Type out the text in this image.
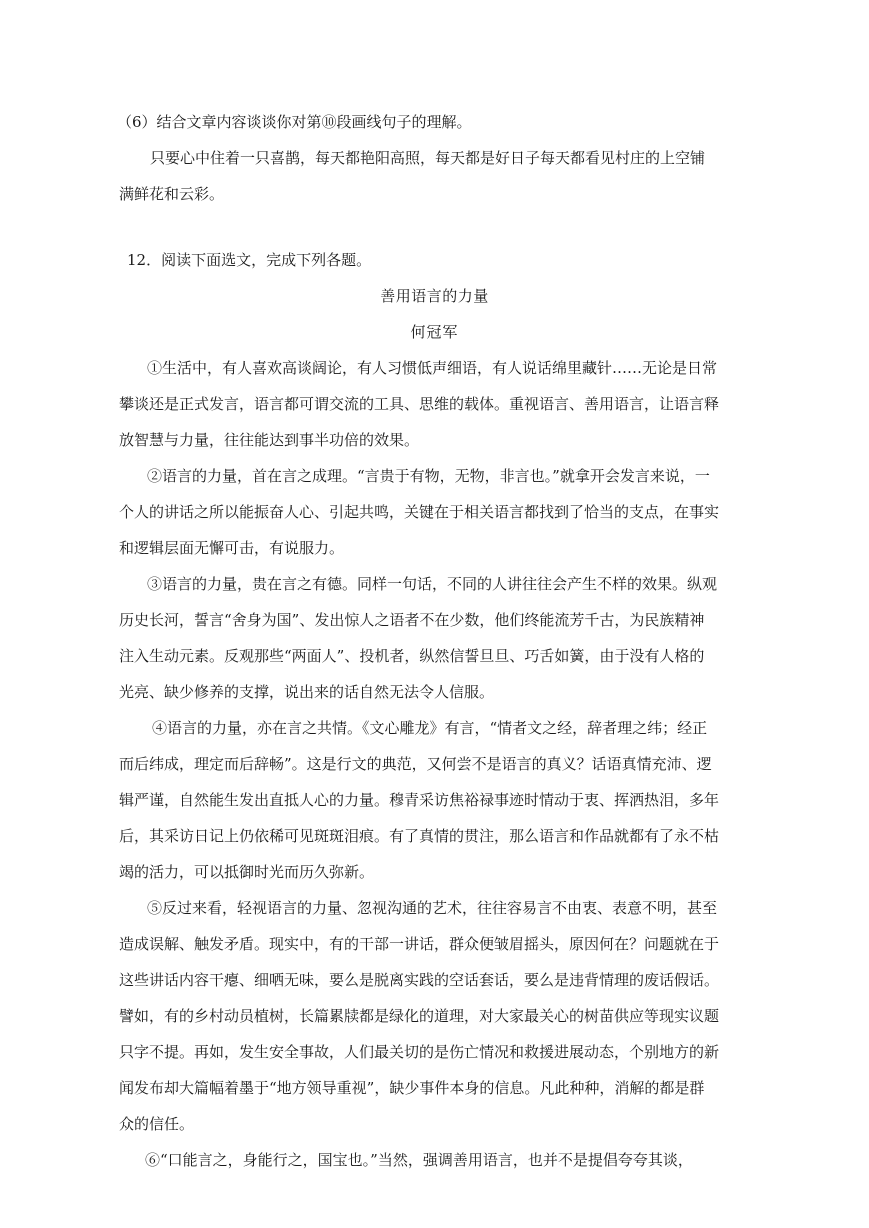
（6）结合文章内容谈谈你对第⑩段画线句子的理解。

只要心中住着一只喜鹊，每天都艳阳高照，每天都是好日子每天都看见村庄的上空铺

满鲜花和云彩。

12．阅读下面选文，完成下列各题。

善用语言的力量

何冠军

①生活中，有人喜欢高谈阔论，有人习惯低声细语，有人说话绵里藏针……无论是日常

攀谈还是正式发言，语言都可谓交流的工具、思维的载体。重视语言、善用语言，让语言释

放智慧与力量，往往能达到事半功倍的效果。

②语言的力量，首在言之成理。“言贵于有物，无物，非言也。”就拿开会发言来说，一

个人的讲话之所以能振奋人心、引起共鸣，关键在于相关语言都找到了恰当的支点，在事实

和逻辑层面无懈可击，有说服力。

③语言的力量，贵在言之有德。同样一句话，不同的人讲往往会产生不样的效果。纵观

历史长河，誓言“舍身为国”、发出惊人之语者不在少数，他们终能流芳千古，为民族精神

注入生动元素。反观那些“两面人”、投机者，纵然信誓旦旦、巧舌如簧，由于没有人格的

光亮、缺少修养的支撑，说出来的话自然无法令人信服。

④语言的力量，亦在言之共情。《文心雕龙》有言，“情者文之经，辞者理之纬；经正

而后纬成，理定而后辞畅”。这是行文的典范，又何尝不是语言的真义？话语真情充沛、逻

辑严谨，自然能生发出直抵人心的力量。穆青采访焦裕禄事迹时情动于衷、挥洒热泪，多年

后，其采访日记上仍依稀可见斑斑泪痕。有了真情的贯注，那么语言和作品就都有了永不枯

竭的活力，可以抵御时光而历久弥新。

⑤反过来看，轻视语言的力量、忽视沟通的艺术，往往容易言不由衷、表意不明，甚至

造成误解、触发矛盾。现实中，有的干部一讲话，群众便皱眉摇头，原因何在？问题就在于

这些讲话内容干瘪、细哂无味，要么是脱离实践的空话套话，要么是违背情理的废话假话。

譬如，有的乡村动员植树，长篇累牍都是绿化的道理，对大家最关心的树苗供应等现实议题

只字不提。再如，发生安全事故，人们最关切的是伤亡情况和救援进展动态，个别地方的新

闻发布却大篇幅着墨于“地方领导重视”，缺少事件本身的信息。凡此种种，消解的都是群

众的信任。

⑥“口能言之，身能行之，国宝也。”当然，强调善用语言，也并不是提倡夸夸其谈，
